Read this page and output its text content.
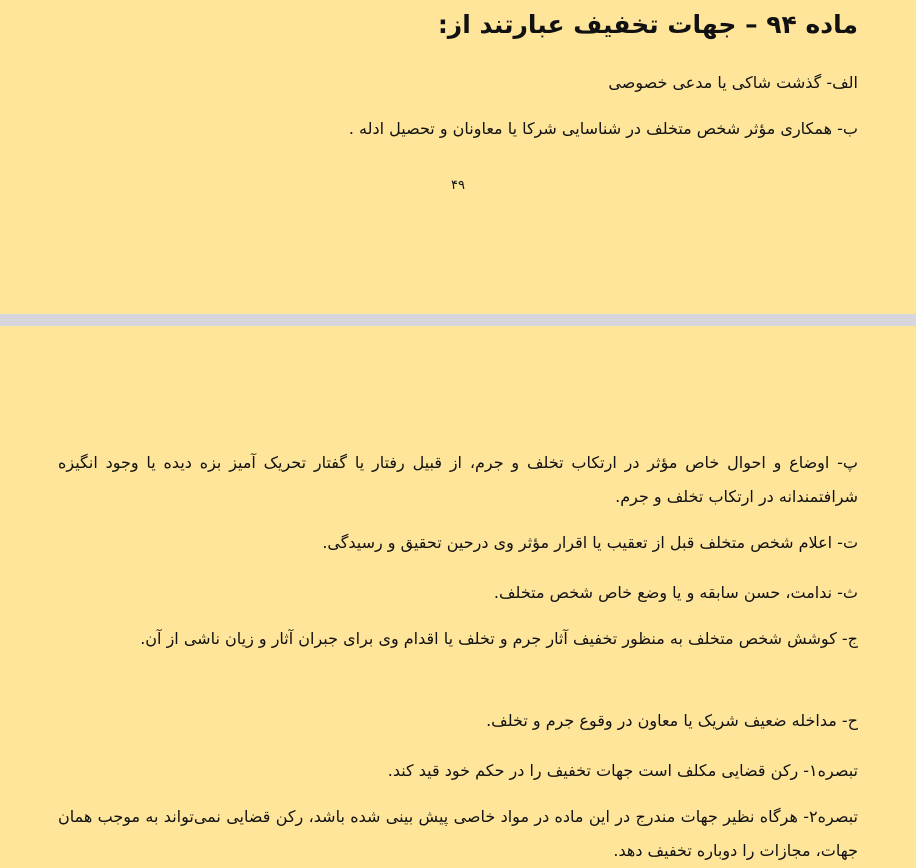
ماده ۹۴ – جهات تخفیف عبارتند از:

الف- گذشت شاکی یا مدعی خصوصی

ب- همکاری مؤثر شخص متخلف در شناسایی شرکا یا معاونان و تحصیل ادله .

۴۹

پ- اوضاع و احوال خاص مؤثر در ارتکاب تخلف و جرم، از قبیل رفتار یا گفتار تحریک آمیز بزه دیده یا وجود انگیزه شرافتمندانه در ارتکاب تخلف و جرم.

ت- اعلام شخص متخلف قبل از تعقیب یا اقرار مؤثر وی درحین تحقیق و رسیدگی.

ث- ندامت، حسن سابقه و یا وضع خاص شخص متخلف.

ج- کوشش شخص متخلف به منظور تخفیف آثار جرم و تخلف یا اقدام وی برای جبران آثار و زیان ناشی از آن.

ح- مداخله ضعیف شریک یا معاون در وقوع جرم و تخلف.

تبصره۱- رکن قضایی مکلف است جهات تخفیف را در حکم خود قید کند.

تبصره۲- هرگاه نظیر جهات مندرج در این ماده در مواد خاصی پیش بینی شده باشد، رکن قضایی نمی‌تواند به موجب همان جهات، مجازات را دوباره تخفیف دهد.
